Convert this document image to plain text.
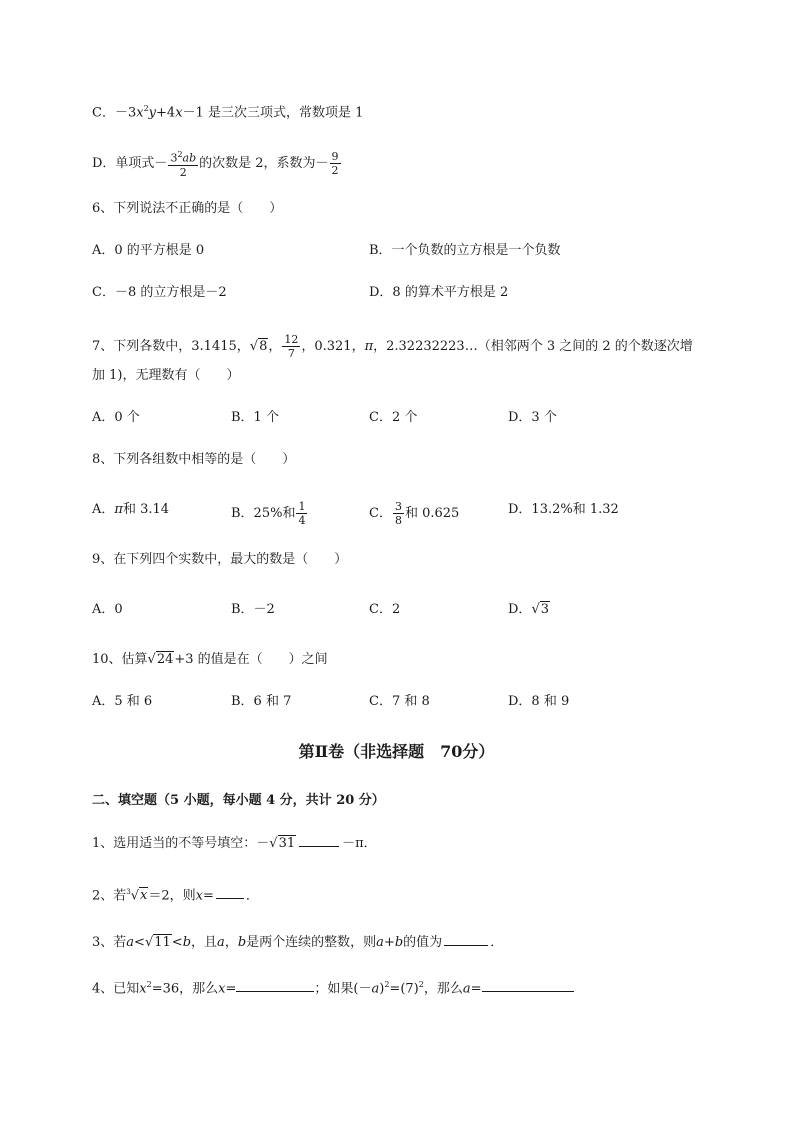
C．$-3x^2y+4x-1$ 是三次三项式，常数项是 1
D．单项式－ $\frac{3^2ab}{2}$ 的次数是 2，系数为－ $\frac{9}{2}$
6、下列说法不正确的是（　　）
A．0 的平方根是 0	B．一个负数的立方根是一个负数
C．－8 的立方根是－2	D．8 的算术平方根是 2
7、下列各数中，3.1415，√8， $\frac{12}{7}$ ，0.321，π，2.32232223…（相邻两个 3 之间的 2 的个数逐次增
加 1)，无理数有（　　）
A．0 个	B．1 个	C．2 个	D．3 个
8、下列各组数中相等的是（　　）
A．π和 3.14	B．25%和 $\frac{1}{4}$	C． $\frac{3}{8}$ 和 0.625	D．13.2%和 1.32
9、在下列四个实数中，最大的数是（　　）
A．0	B．－2	C．2	D．√3
10、估算√24+3 的值是在（　　）之间
A．5 和 6	B．6 和 7	C．7 和 8	D．8 和 9
第Ⅱ卷（非选择题　70分）
二、填空题（5 小题，每小题 4 分，共计 20 分）
1、选用适当的不等号填空：－√31	－π．
2、若$^3$√x＝2，则x= ．
3、若a<√11<b，且a，b是两个连续的整数，则a+b的值为	．
4、已知$x^2=36$，那么x=	；如果$(-a)^2=(7)^2$，那么a=
